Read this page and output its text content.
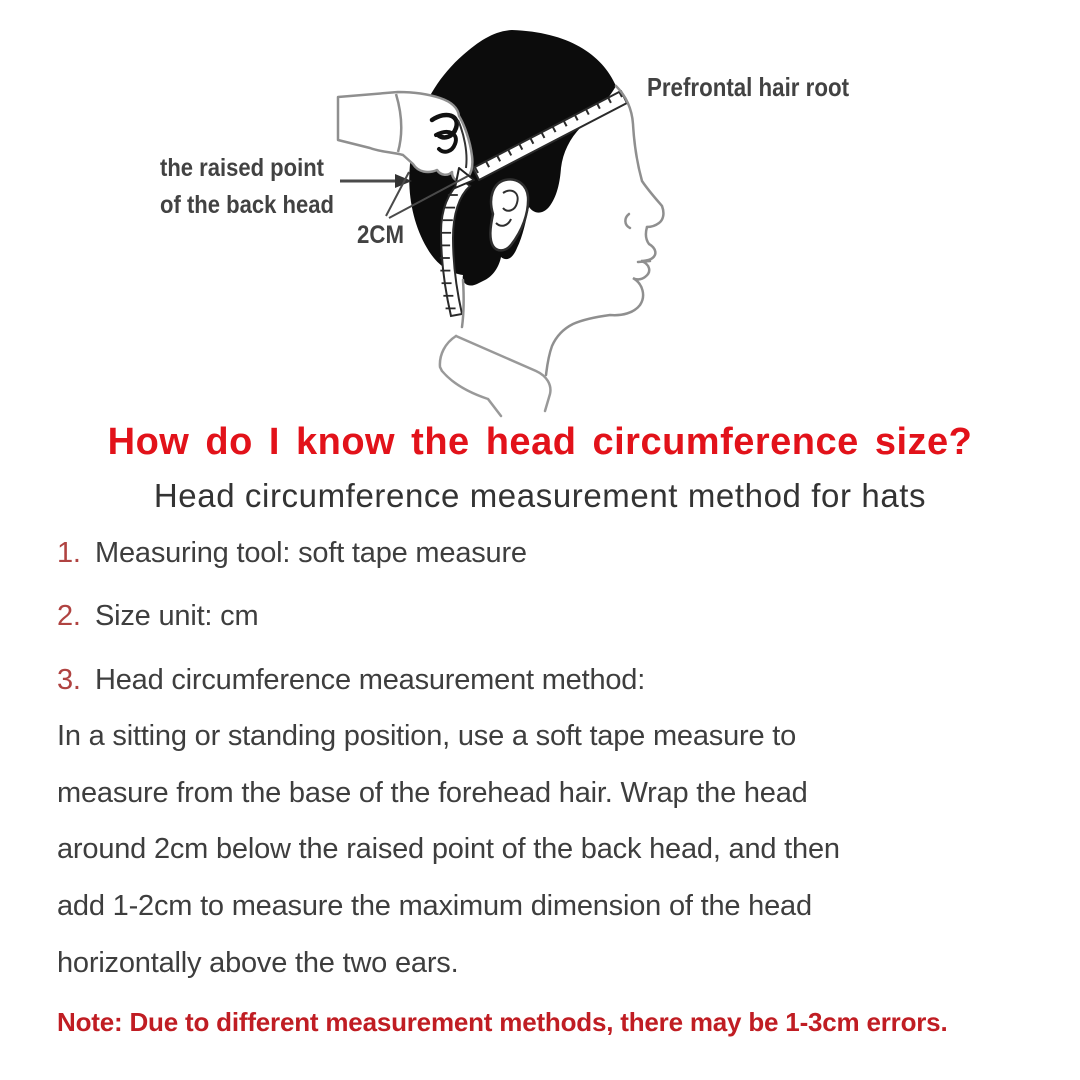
Prefrontal hair root
the raised point
of the back head
2CM
How do I know the head circumference size?
Head circumference measurement method for hats
1. Measuring tool: soft tape measure
2. Size unit: cm
3. Head circumference measurement method:
In a sitting or standing position, use a soft tape measure to
measure from the base of the forehead hair. Wrap the head
around 2cm below the raised point of the back head, and then
add 1-2cm to measure the maximum dimension of the head
horizontally above the two ears.
Note: Due to different measurement methods, there may be 1-3cm errors.
